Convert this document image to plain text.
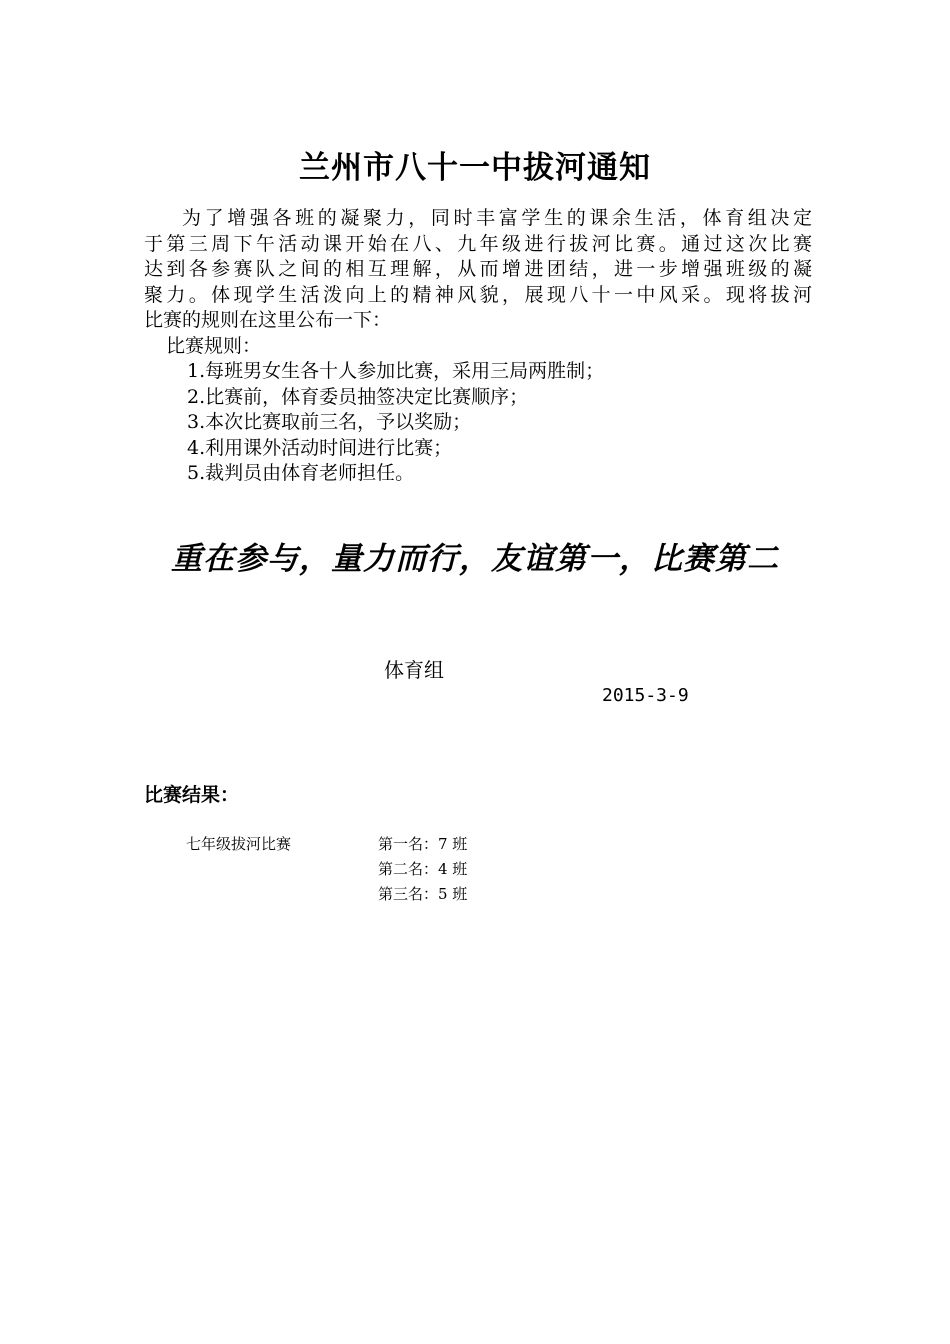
兰州市八十一中拔河通知
为了增强各班的凝聚力，同时丰富学生的课余生活，体育组决定
于第三周下午活动课开始在八、九年级进行拔河比赛。通过这次比赛
达到各参赛队之间的相互理解，从而增进团结，进一步增强班级的凝
聚力。体现学生活泼向上的精神风貌，展现八十一中风采。现将拔河
比赛的规则在这里公布一下：
比赛规则：
1.每班男女生各十人参加比赛，采用三局两胜制；
2.比赛前，体育委员抽签决定比赛顺序；
3.本次比赛取前三名，予以奖励；
4.利用课外活动时间进行比赛；
5.裁判员由体育老师担任。
重在参与，量力而行，友谊第一，比赛第二
体育组
2015-3-9
比赛结果：
七年级拔河比赛	第一名：7 班
第二名：4 班
第三名：5 班
